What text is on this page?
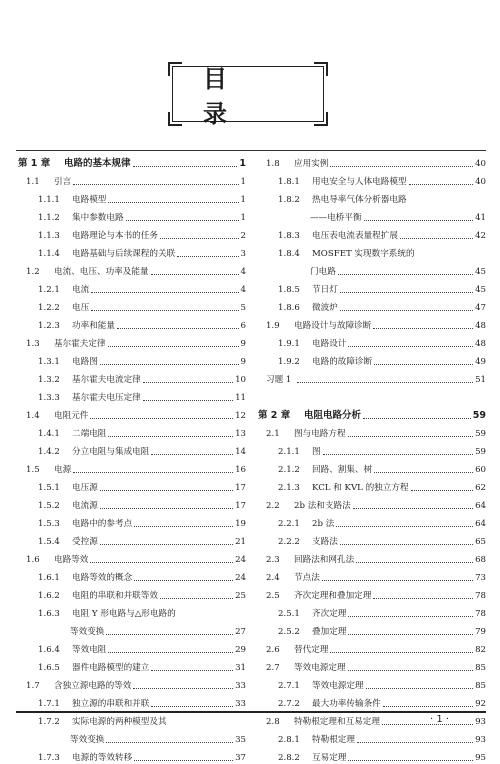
目 录
第 1 章	电路的基本规律	1
1.1	引言	1
1.1.1	电路模型	1
1.1.2	集中参数电路	1
1.1.3	电路理论与本书的任务	2
1.1.4	电路基础与后续课程的关联	3
1.2	电流、电压、功率及能量	4
1.2.1	电流	4
1.2.2	电压	5
1.2.3	功率和能量	6
1.3	基尔霍夫定律	9
1.3.1	电路图	9
1.3.2	基尔霍夫电流定律	10
1.3.3	基尔霍夫电压定律	11
1.4	电阻元件	12
1.4.1	二端电阻	13
1.4.2	分立电阻与集成电阻	14
1.5	电源	16
1.5.1	电压源	17
1.5.2	电流源	17
1.5.3	电路中的参考点	19
1.5.4	受控源	21
1.6	电路等效	24
1.6.1	电路等效的概念	24
1.6.2	电阻的串联和并联等效	25
1.6.3	电阻 Y 形电路与△形电路的
等效变换	27
1.6.4	等效电阻	29
1.6.5	器件电路模型的建立	31
1.7	含独立源电路的等效	33
1.7.1	独立源的串联和并联	33
1.7.2	实际电源的两种模型及其
等效变换	35
1.7.3	电源的等效转移	37
1.8	应用实例	40
1.8.1	用电安全与人体电路模型	40
1.8.2	热电导率气体分析器电路
——电桥平衡	41
1.8.3	电压表电流表量程扩展	42
1.8.4	MOSFET 实现数字系统的
门电路	45
1.8.5	节日灯	45
1.8.6	微波炉	47
1.9	电路设计与故障诊断	48
1.9.1	电路设计	48
1.9.2	电路的故障诊断	49
习题 1	51
第 2 章	电阻电路分析	59
2.1	图与电路方程	59
2.1.1	图	59
2.1.2	回路、割集、树	60
2.1.3	KCL 和 KVL 的独立方程	62
2.2	2b 法和支路法	64
2.2.1	2b 法	64
2.2.2	支路法	65
2.3	回路法和网孔法	68
2.4	节点法	73
2.5	齐次定理和叠加定理	78
2.5.1	齐次定理	78
2.5.2	叠加定理	79
2.6	替代定理	82
2.7	等效电源定理	85
2.7.1	等效电源定理	85
2.7.2	最大功率传输条件	92
2.8	特勒根定理和互易定理	93
2.8.1	特勒根定理	93
2.8.2	互易定理	95
· 1 ·
